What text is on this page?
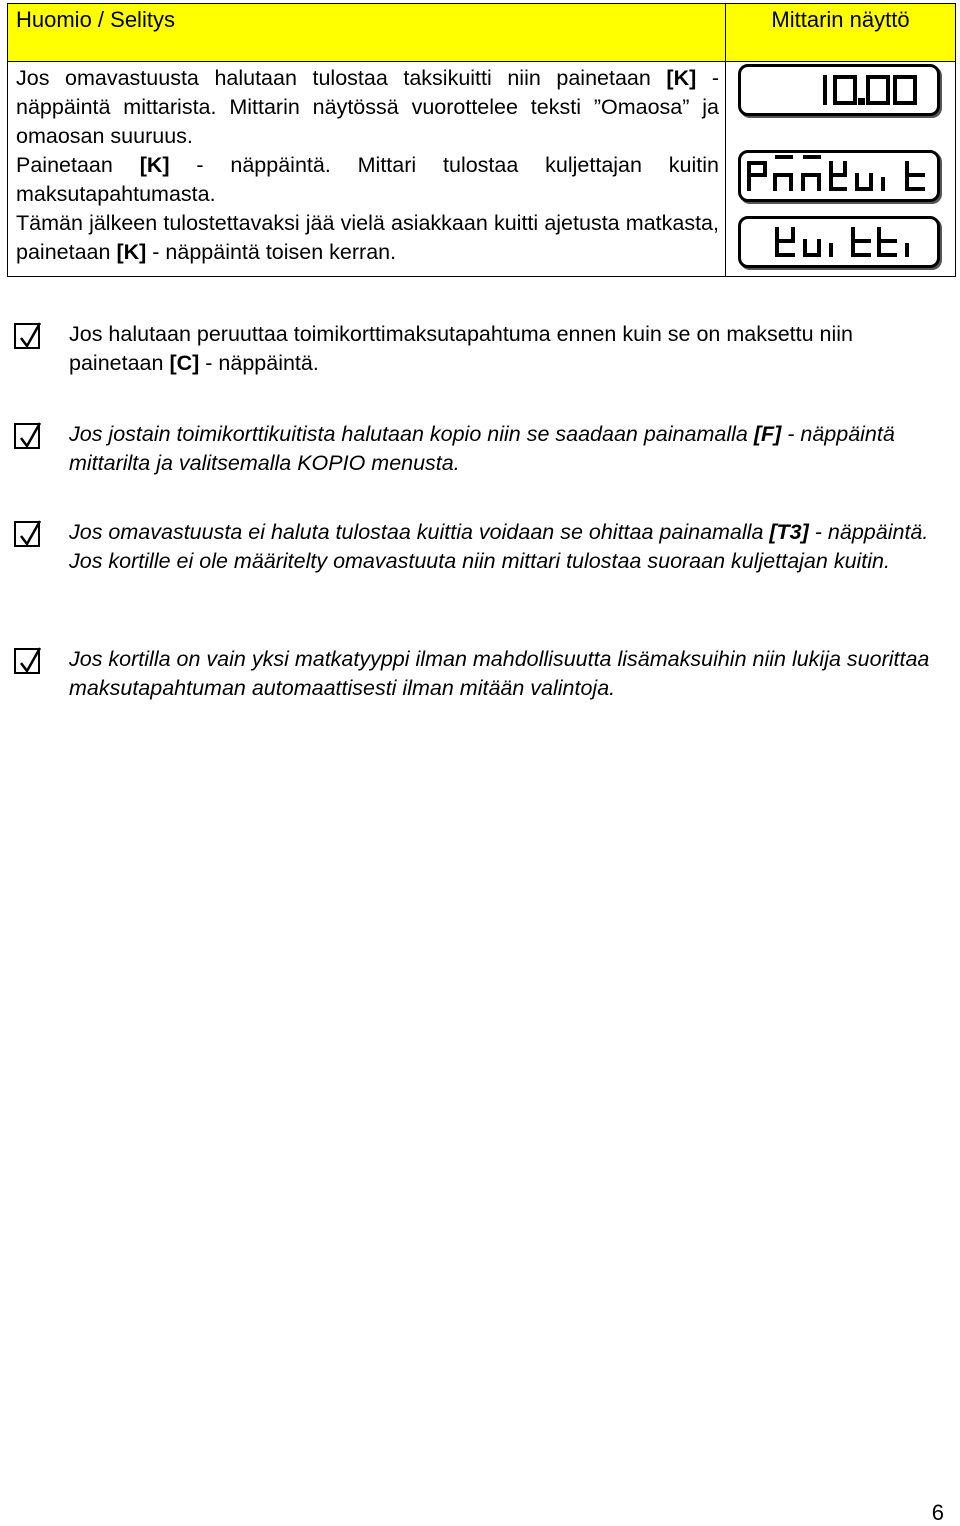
Huomio / Selitys	Mittarin näyttö

Jos omavastuusta halutaan tulostaa taksikuitti niin painetaan [K] - näppäintä mittarista. Mittarin näytössä vuorottelee teksti ”Omaosa” ja omaosan suuruus.

Painetaan [K] - näppäintä. Mittari tulostaa kuljettajan kuitin maksutapahtumasta.

Tämän jälkeen tulostettavaksi jää vielä asiakkaan kuitti ajetusta matkasta, painetaan [K] - näppäintä toisen kerran.

Jos halutaan peruuttaa toimikorttimaksutapahtuma ennen kuin se on maksettu niin painetaan [C] - näppäintä.
Jos jostain toimikorttikuitista halutaan kopio niin se saadaan painamalla [F] - näppäintä mittarilta ja valitsemalla KOPIO menusta.
Jos omavastuusta ei haluta tulostaa kuittia voidaan se ohittaa painamalla [T3] - näppäintä. Jos kortille ei ole määritelty omavastuuta niin mittari tulostaa suoraan kuljettajan kuitin.
Jos kortilla on vain yksi matkatyyppi ilman mahdollisuutta lisämaksuihin niin lukija suorittaa maksutapahtuman automaattisesti ilman mitään valintoja.
6
